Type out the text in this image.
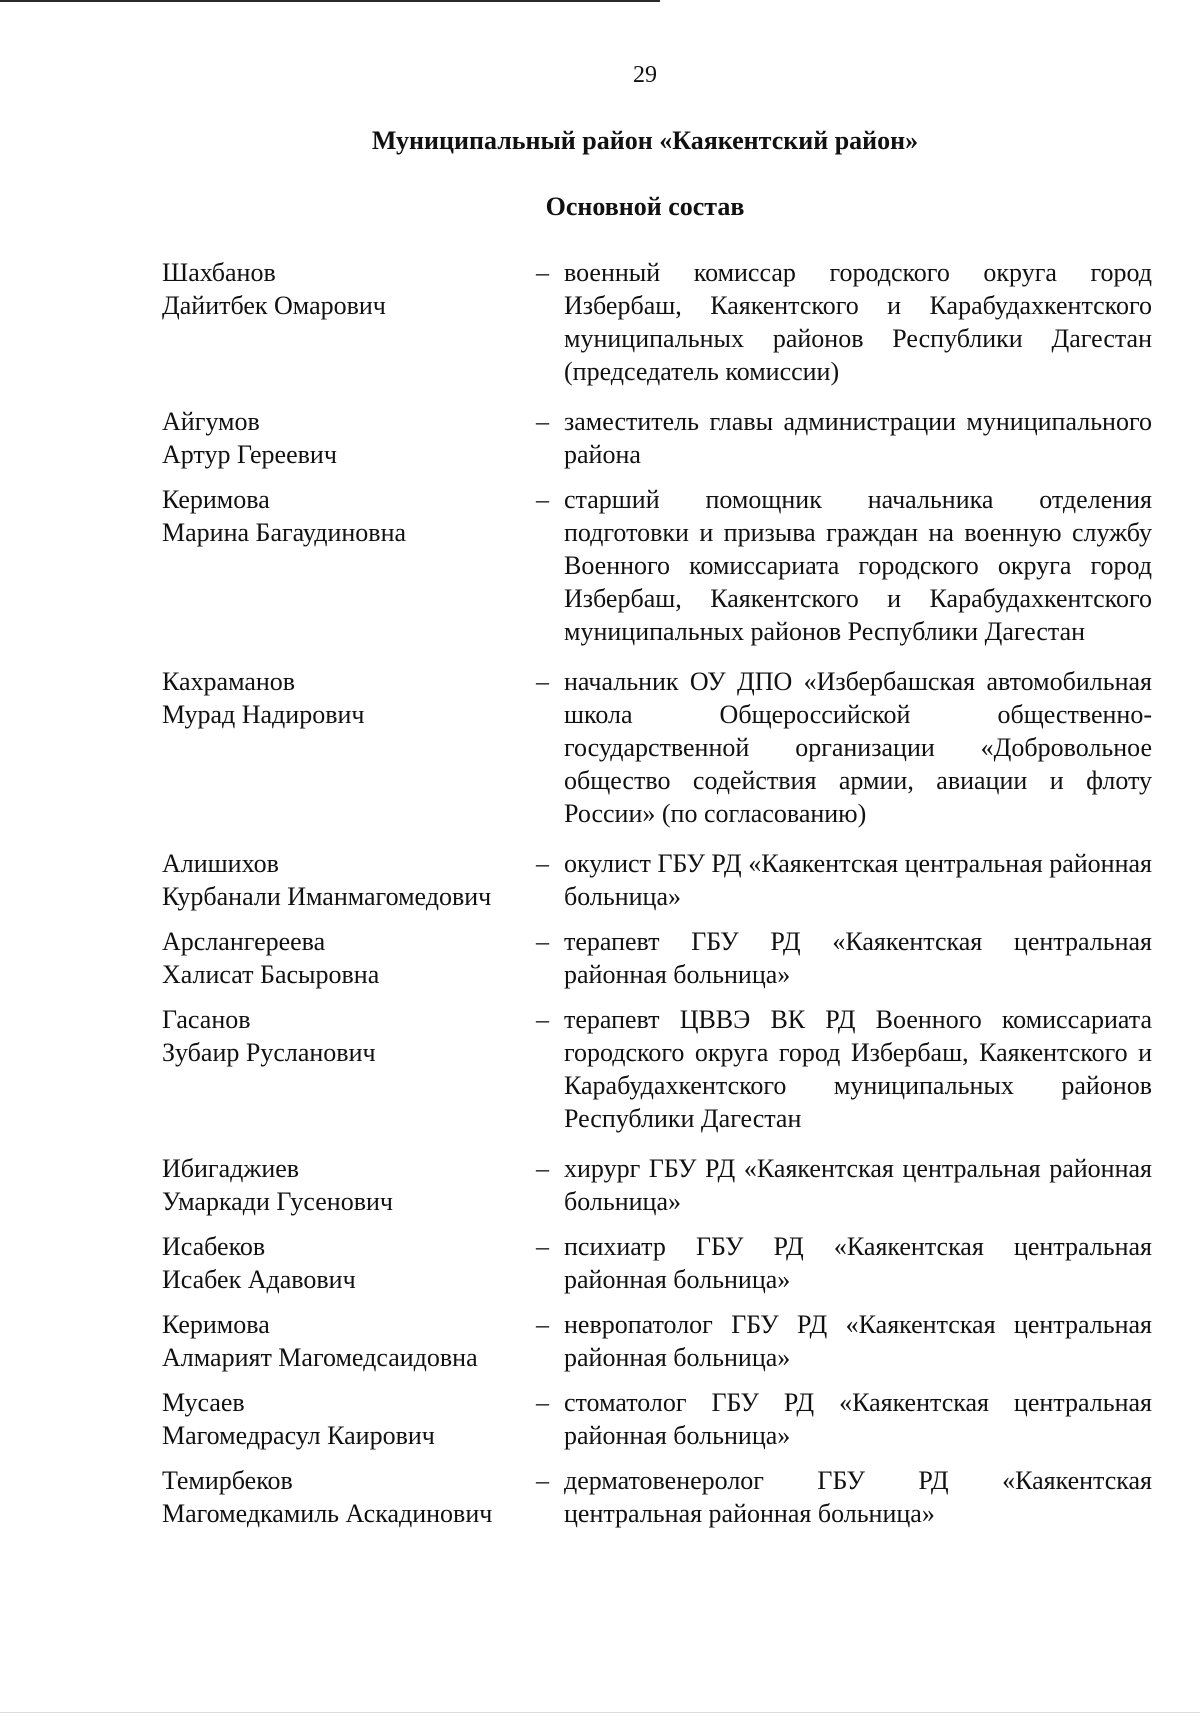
29
Муниципальный район «Каякентский район»
Основной состав
Шахбанов
Дайитбек Омарович
– военный комиссар городского округа город Избербаш, Каякентского и Карабудахкентского муниципальных районов Республики Дагестан (председатель комиссии)
Айгумов
Артур Гереевич
– заместитель главы администрации муниципального района
Керимова
Марина Багаудиновна
– старший помощник начальника отделения подготовки и призыва граждан на военную службу Военного комиссариата городского округа город Избербаш, Каякентского и Карабудахкентского муниципальных районов Республики Дагестан
Кахраманов
Мурад Надирович
– начальник ОУ ДПО «Избербашская автомобильная школа Общероссийской общественно-государственной организации «Добровольное общество содействия армии, авиации и флоту России» (по согласованию)
Алишихов
Курбанали Иманмагомедович
– окулист ГБУ РД «Каякентская центральная районная больница»
Арслангереева
Халисат Басыровна
– терапевт ГБУ РД «Каякентская центральная районная больница»
Гасанов
Зубаир Русланович
– терапевт ЦВВЭ ВК РД Военного комиссариата городского округа город Избербаш, Каякентского и Карабудахкентского муниципальных районов Республики Дагестан
Ибигаджиев
Умаркади Гусенович
– хирург ГБУ РД «Каякентская центральная районная больница»
Исабеков
Исабек Адавович
– психиатр ГБУ РД «Каякентская центральная районная больница»
Керимова
Алмарият Магомедсаидовна
– невропатолог ГБУ РД «Каякентская центральная районная больница»
Мусаев
Магомедрасул Каирович
– стоматолог ГБУ РД «Каякентская центральная районная больница»
Темирбеков
Магомедкамиль Аскадинович
– дерматовенеролог ГБУ РД «Каякентская центральная районная больница»
